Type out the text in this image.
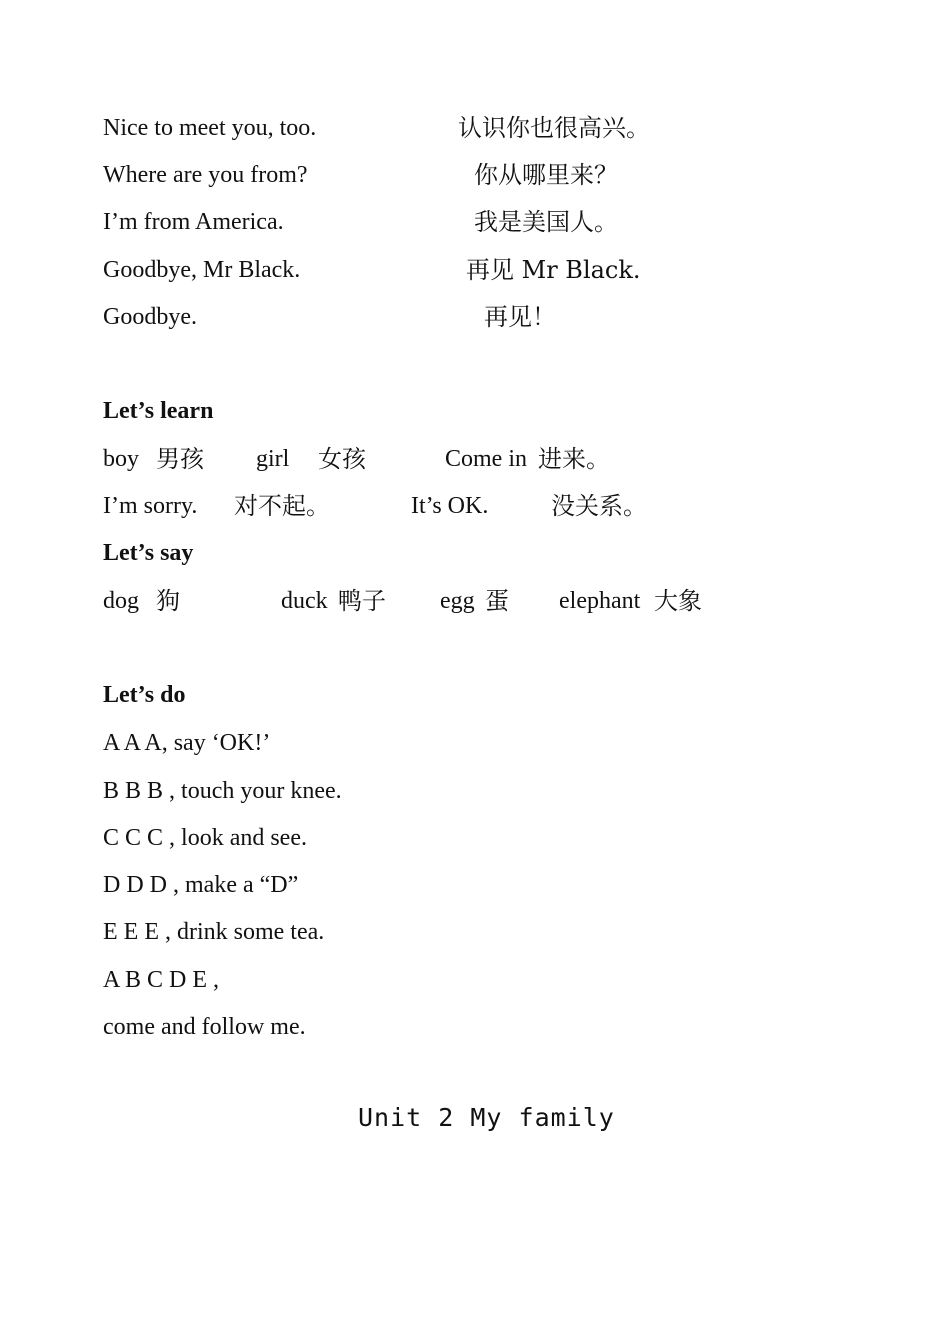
Nice to meet you, too.	认识你也很高兴。
Where are you from?	你从哪里来？
I’m from America.	我是美国人。
Goodbye, Mr Black.	再见 Mr Black.
Goodbye.	再见！
Let’s learn
boy 男孩 girl 女孩	Come in 进来。
I’m sorry. 对不起。	It’s OK.	没关系。
Let’s say
dog 狗	duck 鸭子 egg 蛋 elephant 大象
Let’s do
A A A, say ‘OK!’
B B B , touch your knee.
C C C , look and see.
D D D , make a “D”
E E E , drink some tea.
A B C D E ,
come and follow me.
Unit 2 My family
